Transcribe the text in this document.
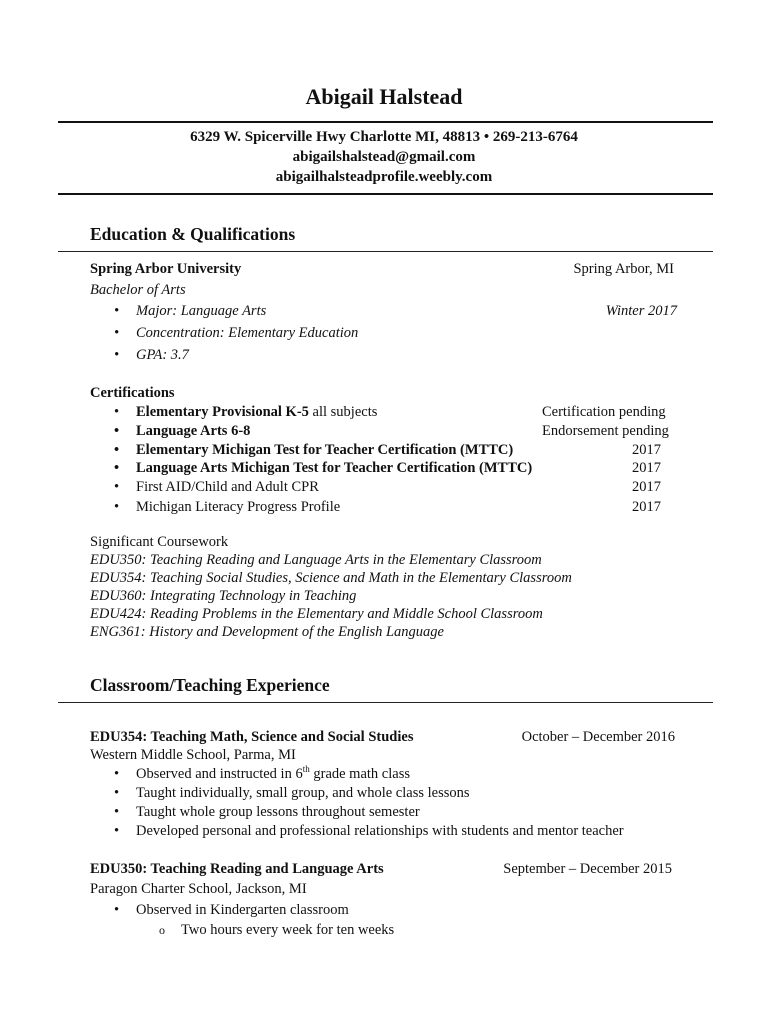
Abigail Halstead
6329 W. Spicerville Hwy Charlotte MI, 48813 • 269-213-6764
abigailshalstead@gmail.com
abigailhalsteadprofile.weebly.com
Education & Qualifications
Spring Arbor University	Spring Arbor, MI
Bachelor of Arts
• Major: Language Arts	Winter 2017
• Concentration: Elementary Education
• GPA: 3.7
Certifications
• Elementary Provisional K-5 all subjects	Certification pending
• Language Arts 6-8	Endorsement pending
• Elementary Michigan Test for Teacher Certification (MTTC)	2017
• Language Arts Michigan Test for Teacher Certification (MTTC)	2017
• First AID/Child and Adult CPR	2017
• Michigan Literacy Progress Profile	2017
Significant Coursework
EDU350: Teaching Reading and Language Arts in the Elementary Classroom
EDU354: Teaching Social Studies, Science and Math in the Elementary Classroom
EDU360: Integrating Technology in Teaching
EDU424: Reading Problems in the Elementary and Middle School Classroom
ENG361: History and Development of the English Language
Classroom/Teaching Experience
EDU354: Teaching Math, Science and Social Studies	October – December 2016
Western Middle School, Parma, MI
• Observed and instructed in 6th grade math class
• Taught individually, small group, and whole class lessons
• Taught whole group lessons throughout semester
• Developed personal and professional relationships with students and mentor teacher
EDU350: Teaching Reading and Language Arts	September – December 2015
Paragon Charter School, Jackson, MI
• Observed in Kindergarten classroom
o Two hours every week for ten weeks
